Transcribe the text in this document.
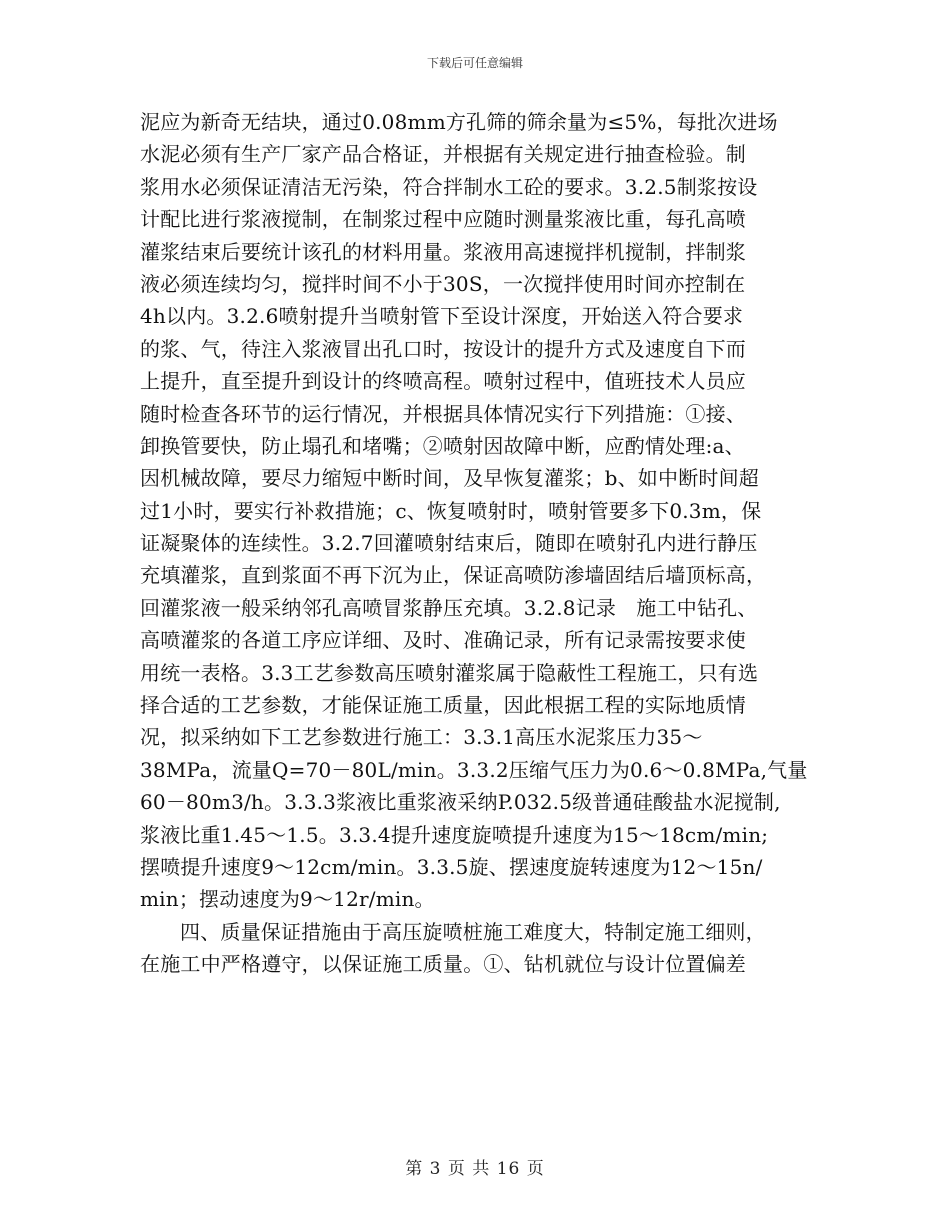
下载后可任意编辑
泥应为新奇无结块，通过0.08mm方孔筛的筛余量为≤5%，每批次进场
水泥必须有生产厂家产品合格证，并根据有关规定进行抽查检验。制
浆用水必须保证清洁无污染，符合拌制水工砼的要求。3.2.5制浆按设
计配比进行浆液搅制，在制浆过程中应随时测量浆液比重，每孔高喷
灌浆结束后要统计该孔的材料用量。浆液用高速搅拌机搅制，拌制浆
液必须连续均匀，搅拌时间不小于30S，一次搅拌使用时间亦控制在
4h以内。3.2.6喷射提升当喷射管下至设计深度，开始送入符合要求
的浆、气，待注入浆液冒出孔口时，按设计的提升方式及速度自下而
上提升，直至提升到设计的终喷高程。喷射过程中，值班技术人员应
随时检查各环节的运行情况，并根据具体情况实行下列措施：①接、
卸换管要快，防止塌孔和堵嘴；②喷射因故障中断，应酌情处理:a、
因机械故障，要尽力缩短中断时间，及早恢复灌浆；b、如中断时间超
过1小时，要实行补救措施；c、恢复喷射时，喷射管要多下0.3m，保
证凝聚体的连续性。3.2.7回灌喷射结束后，随即在喷射孔内进行静压
充填灌浆，直到浆面不再下沉为止，保证高喷防渗墙固结后墙顶标高，
回灌浆液一般采纳邻孔高喷冒浆静压充填。3.2.8记录　施工中钻孔、
高喷灌浆的各道工序应详细、及时、准确记录，所有记录需按要求使
用统一表格。3.3工艺参数高压喷射灌浆属于隐蔽性工程施工，只有选
择合适的工艺参数，才能保证施工质量，因此根据工程的实际地质情
况，拟采纳如下工艺参数进行施工：3.3.1高压水泥浆压力35～
38MPa，流量Q=70－80L/min。3.3.2压缩气压力为0.6～0.8MPa,气量
60－80m3/h。3.3.3浆液比重浆液采纳P.032.5级普通硅酸盐水泥搅制,
浆液比重1.45～1.5。3.3.4提升速度旋喷提升速度为15～18cm/min;
摆喷提升速度9～12cm/min。3.3.5旋、摆速度旋转速度为12～15n/
min；摆动速度为9～12r/min。
四、质量保证措施由于高压旋喷桩施工难度大，特制定施工细则，
在施工中严格遵守，以保证施工质量。①、钻机就位与设计位置偏差
第 3 页 共 16 页
